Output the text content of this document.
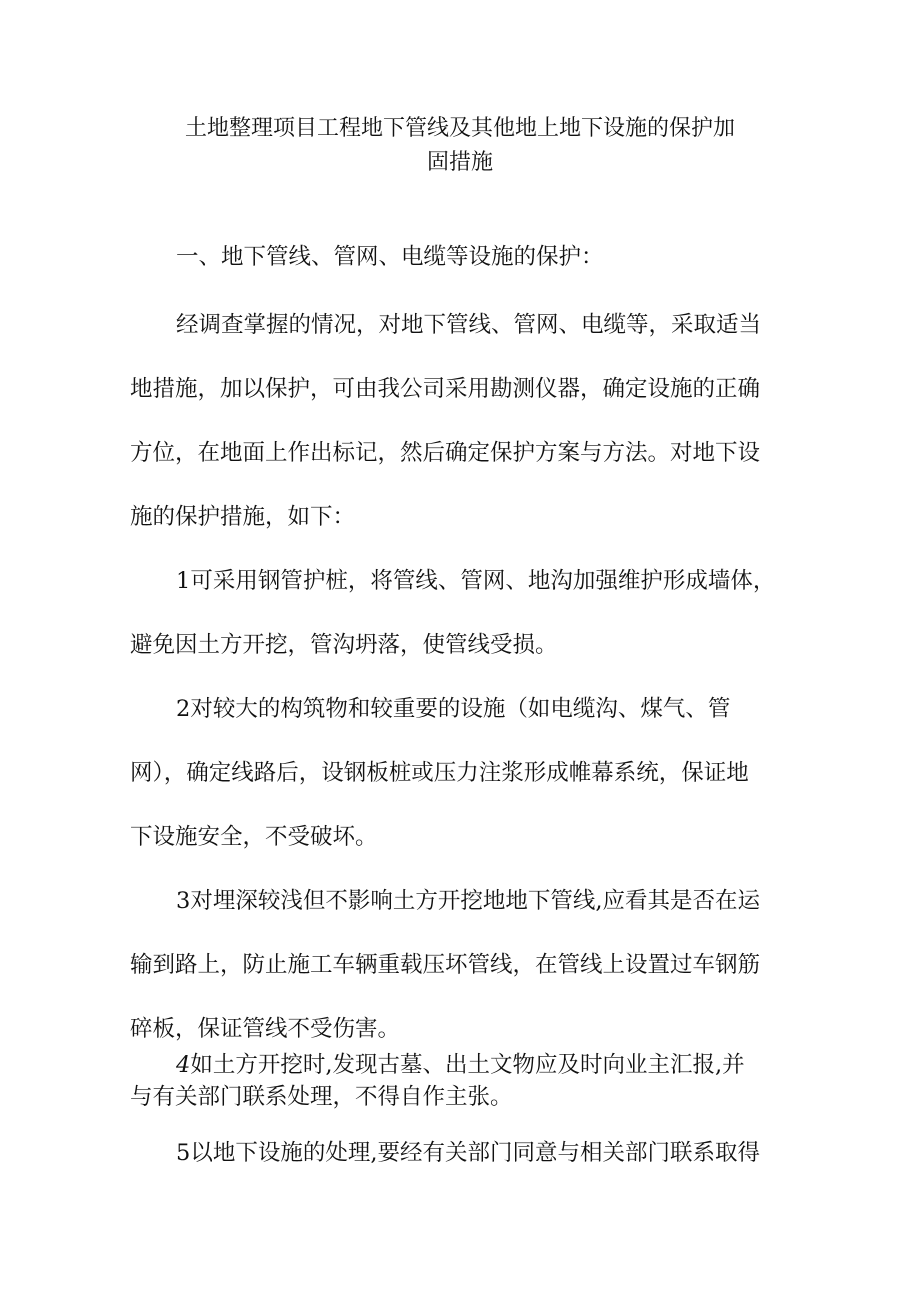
土地整理项目工程地下管线及其他地上地下设施的保护加
固措施
一、地下管线、管网、电缆等设施的保护：
经调查掌握的情况，对地下管线、管网、电缆等，采取适当
地措施，加以保护，可由我公司采用勘测仪器，确定设施的正确
方位，在地面上作出标记，然后确定保护方案与方法。对地下设
施的保护措施，如下：
1可采用钢管护桩，将管线、管网、地沟加强维护形成墙体，
避免因土方开挖，管沟坍落，使管线受损。
2对较大的构筑物和较重要的设施（如电缆沟、煤气、管
网），确定线路后，设钢板桩或压力注浆形成帷幕系统，保证地
下设施安全，不受破坏。
3对埋深较浅但不影响土方开挖地地下管线,应看其是否在运
输到路上，防止施工车辆重载压坏管线，在管线上设置过车钢筋
碎板，保证管线不受伤害。
4如土方开挖时,发现古墓、出土文物应及时向业主汇报,并
与有关部门联系处理，不得自作主张。
5以地下设施的处理,要经有关部门同意与相关部门联系取得
